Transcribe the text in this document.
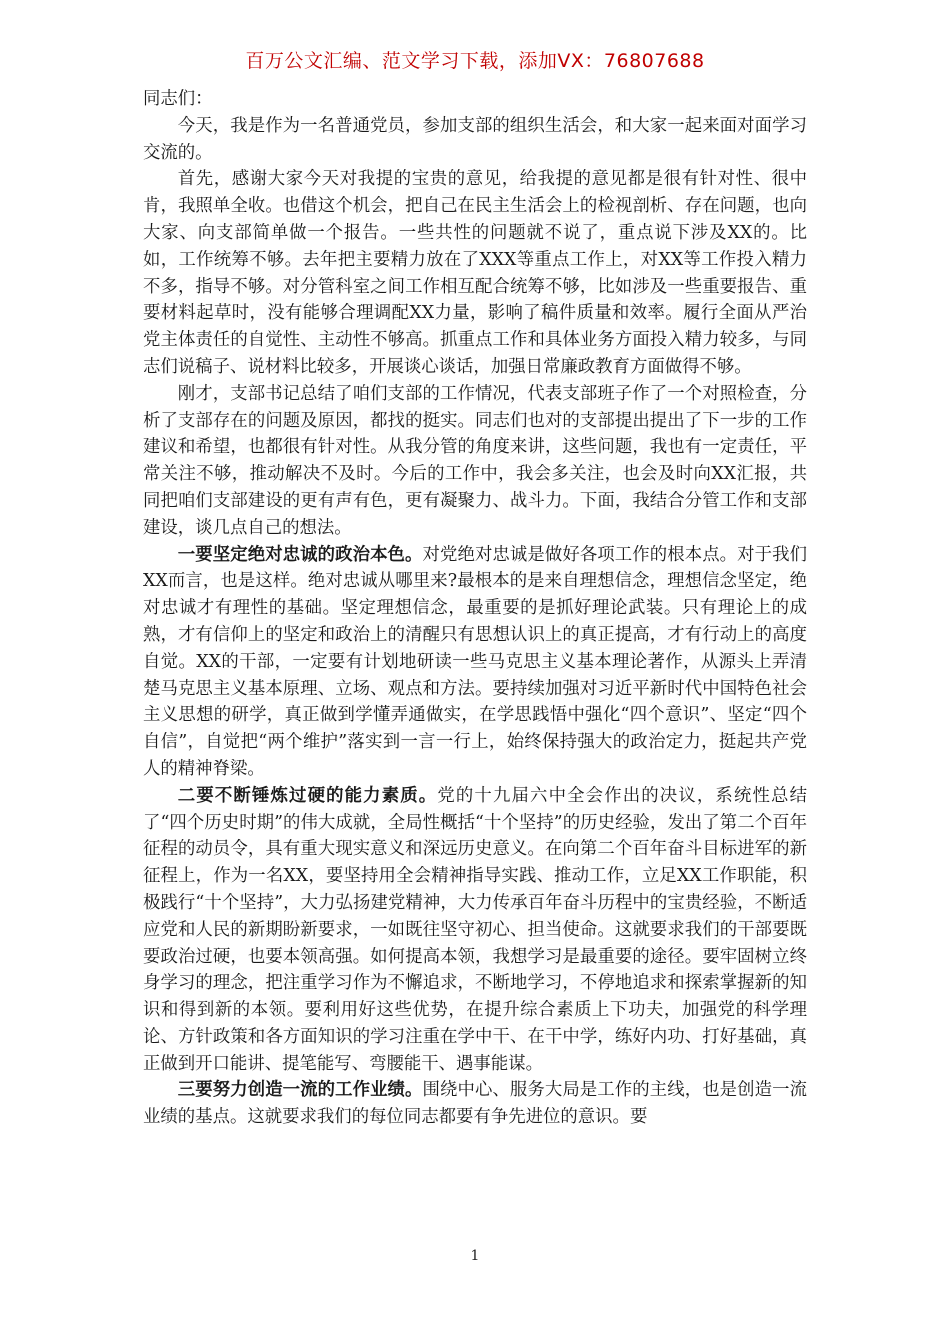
百万公文汇编、范文学习下载，添加VX：76807688

同志们：

今天，我是作为一名普通党员，参加支部的组织生活会，和大家一起来面对面学习交流的。

首先，感谢大家今天对我提的宝贵的意见，给我提的意见都是很有针对性、很中肯，我照单全收。也借这个机会，把自己在民主生活会上的检视剖析、存在问题，也向大家、向支部简单做一个报告。一些共性的问题就不说了，重点说下涉及XX的。比如，工作统筹不够。去年把主要精力放在了XXX等重点工作上，对XX等工作投入精力不多，指导不够。对分管科室之间工作相互配合统筹不够，比如涉及一些重要报告、重要材料起草时，没有能够合理调配XX力量，影响了稿件质量和效率。履行全面从严治党主体责任的自觉性、主动性不够高。抓重点工作和具体业务方面投入精力较多，与同志们说稿子、说材料比较多，开展谈心谈话，加强日常廉政教育方面做得不够。

刚才，支部书记总结了咱们支部的工作情况，代表支部班子作了一个对照检查，分析了支部存在的问题及原因，都找的挺实。同志们也对的支部提出提出了下一步的工作建议和希望，也都很有针对性。从我分管的角度来讲，这些问题，我也有一定责任，平常关注不够，推动解决不及时。今后的工作中，我会多关注，也会及时向XX汇报，共同把咱们支部建设的更有声有色，更有凝聚力、战斗力。下面，我结合分管工作和支部建设，谈几点自己的想法。

一要坚定绝对忠诚的政治本色。对党绝对忠诚是做好各项工作的根本点。对于我们XX而言，也是这样。绝对忠诚从哪里来?最根本的是来自理想信念，理想信念坚定，绝对忠诚才有理性的基础。坚定理想信念，最重要的是抓好理论武装。只有理论上的成熟，才有信仰上的坚定和政治上的清醒只有思想认识上的真正提高，才有行动上的高度自觉。XX的干部，一定要有计划地研读一些马克思主义基本理论著作，从源头上弄清楚马克思主义基本原理、立场、观点和方法。要持续加强对习近平新时代中国特色社会主义思想的研学，真正做到学懂弄通做实，在学思践悟中强化“四个意识”、坚定“四个自信”，自觉把“两个维护”落实到一言一行上，始终保持强大的政治定力，挺起共产党人的精神脊梁。

二要不断锤炼过硬的能力素质。党的十九届六中全会作出的决议，系统性总结了“四个历史时期”的伟大成就，全局性概括“十个坚持”的历史经验，发出了第二个百年征程的动员令，具有重大现实意义和深远历史意义。在向第二个百年奋斗目标进军的新征程上，作为一名XX，要坚持用全会精神指导实践、推动工作，立足XX工作职能，积极践行“十个坚持”，大力弘扬建党精神，大力传承百年奋斗历程中的宝贵经验，不断适应党和人民的新期盼新要求，一如既往坚守初心、担当使命。这就要求我们的干部要既要政治过硬，也要本领高强。如何提高本领，我想学习是最重要的途径。要牢固树立终身学习的理念，把注重学习作为不懈追求，不断地学习，不停地追求和探索掌握新的知识和得到新的本领。要利用好这些优势，在提升综合素质上下功夫，加强党的科学理论、方针政策和各方面知识的学习注重在学中干、在干中学，练好内功、打好基础，真正做到开口能讲、提笔能写、弯腰能干、遇事能谋。

三要努力创造一流的工作业绩。围绕中心、服务大局是工作的主线，也是创造一流业绩的基点。这就要求我们的每位同志都要有争先进位的意识。要

1
